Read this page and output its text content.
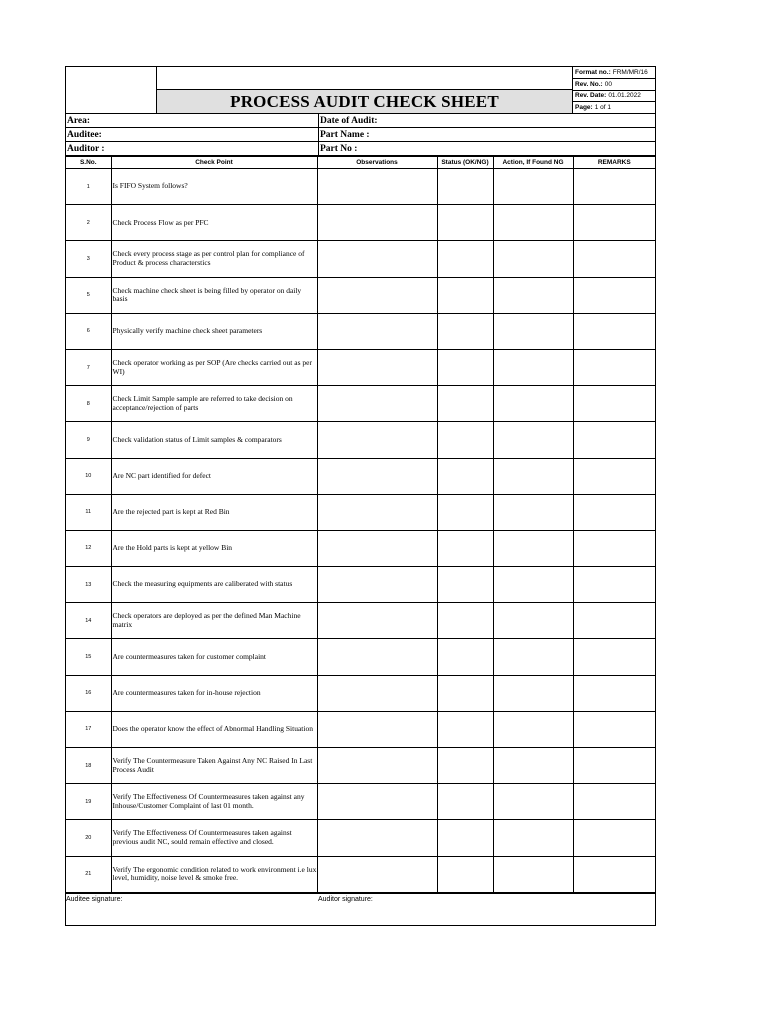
PROCESS AUDIT CHECK SHEET
Format no.: FRM/MR/16
Rev. No.: 00
Rev. Date: 01.01.2022
Page: 1 of 1
Area:	Date of Audit:
Auditee:	Part Name :
Auditor :	Part No :
S.No.	Check Point	Observations	Status (OK/NG)	Action, If Found NG	REMARKS
1	Is FIFO System follows?				
2	Check Process Flow as per PFC				
3	Check every process stage as per control plan for compliance of Product & process characterstics				
5	Check machine check sheet is being filled by operator on daily basis				
6	Physically verify machine check sheet parameters				
7	Check operator working as per SOP (Are checks carried out as per WI)				
8	Check Limit Sample sample are referred to take decision on acceptance/rejection of parts				
9	Check validation status of Limit samples & comparators				
10	Are NC part identified for defect				
11	Are the rejected part is kept at Red Bin				
12	Are the Hold parts is kept at yellow Bin				
13	Check the measuring equipments are caliberated with status				
14	Check operators are deployed as per the defined Man Machine matrix				
15	Are countermeasures taken for customer complaint				
16	Are countermeasures taken for in-house rejection				
17	Does the operator know the effect of Abnormal Handling Situation				
18	Verify The Countermeasure Taken Against Any NC Raised In Last Process Audit				
19	Verify The Effectiveness Of Countermeasures taken against any Inhouse/Customer Complaint of last 01 month.				
20	Verify The Effectiveness Of Countermeasures taken against previous audit NC, sould remain effective and closed.				
21	Verify The ergonomic condition related to work environment i.e lux level, humidity, noise level & smoke free.				
Auditee signature:	Auditor signature:
